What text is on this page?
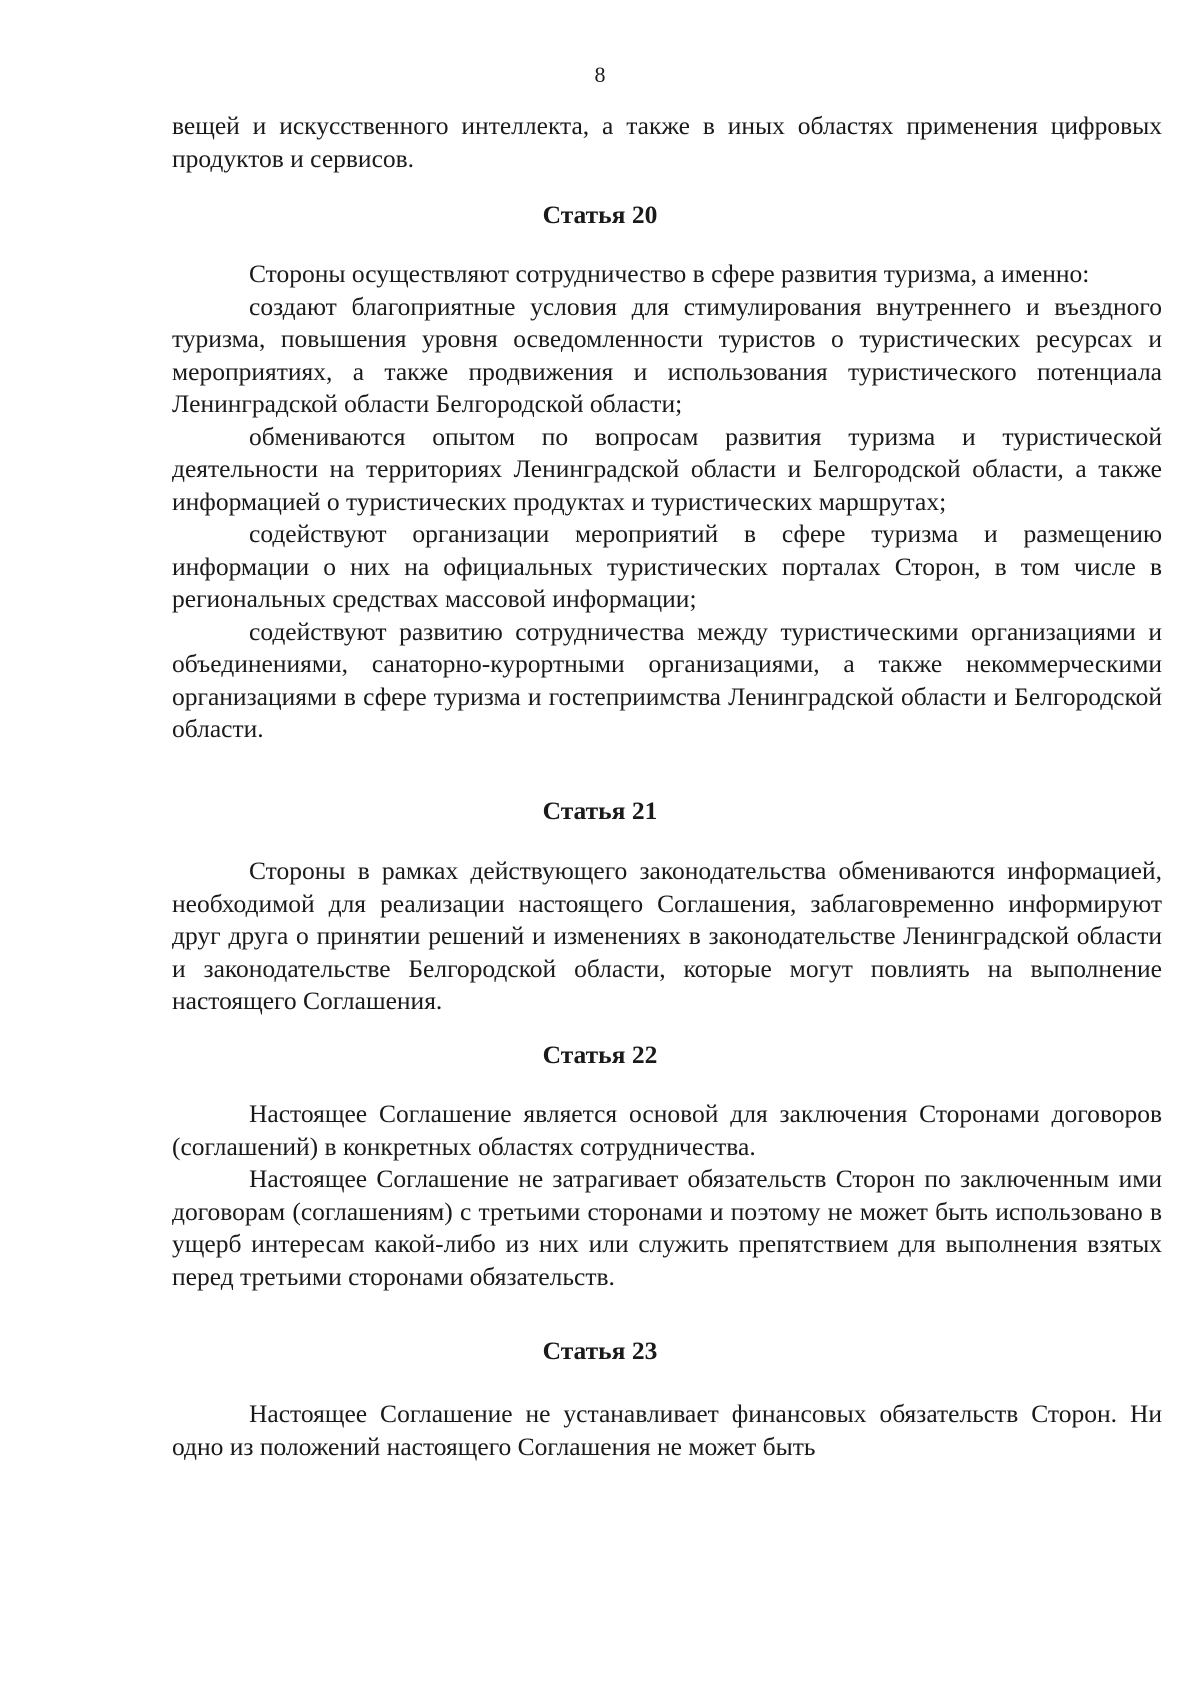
8

вещей и искусственного интеллекта, а также в иных областях применения цифровых продуктов и сервисов.

Статья 20

Стороны осуществляют сотрудничество в сфере развития туризма, а именно:

создают благоприятные условия для стимулирования внутреннего и въездного туризма, повышения уровня осведомленности туристов о туристических ресурсах и мероприятиях, а также продвижения и использования туристического потенциала Ленинградской области Белгородской области;

обмениваются опытом по вопросам развития туризма и туристической деятельности на территориях Ленинградской области и Белгородской области, а также информацией о туристических продуктах и туристических маршрутах;

содействуют организации мероприятий в сфере туризма и размещению информации о них на официальных туристических порталах Сторон, в том числе в региональных средствах массовой информации;

содействуют развитию сотрудничества между туристическими организациями и объединениями, санаторно-курортными организациями, а также некоммерческими организациями в сфере туризма и гостеприимства Ленинградской области и Белгородской области.

Статья 21

Стороны в рамках действующего законодательства обмениваются информацией, необходимой для реализации настоящего Соглашения, заблаговременно информируют друг друга о принятии решений и изменениях в законодательстве Ленинградской области и законодательстве Белгородской области, которые могут повлиять на выполнение настоящего Соглашения.

Статья 22

Настоящее Соглашение является основой для заключения Сторонами договоров (соглашений) в конкретных областях сотрудничества.

Настоящее Соглашение не затрагивает обязательств Сторон по заключенным ими договорам (соглашениям) с третьими сторонами и поэтому не может быть использовано в ущерб интересам какой-либо из них или служить препятствием для выполнения взятых перед третьими сторонами обязательств.

Статья 23

Настоящее Соглашение не устанавливает финансовых обязательств Сторон. Ни одно из положений настоящего Соглашения не может быть
